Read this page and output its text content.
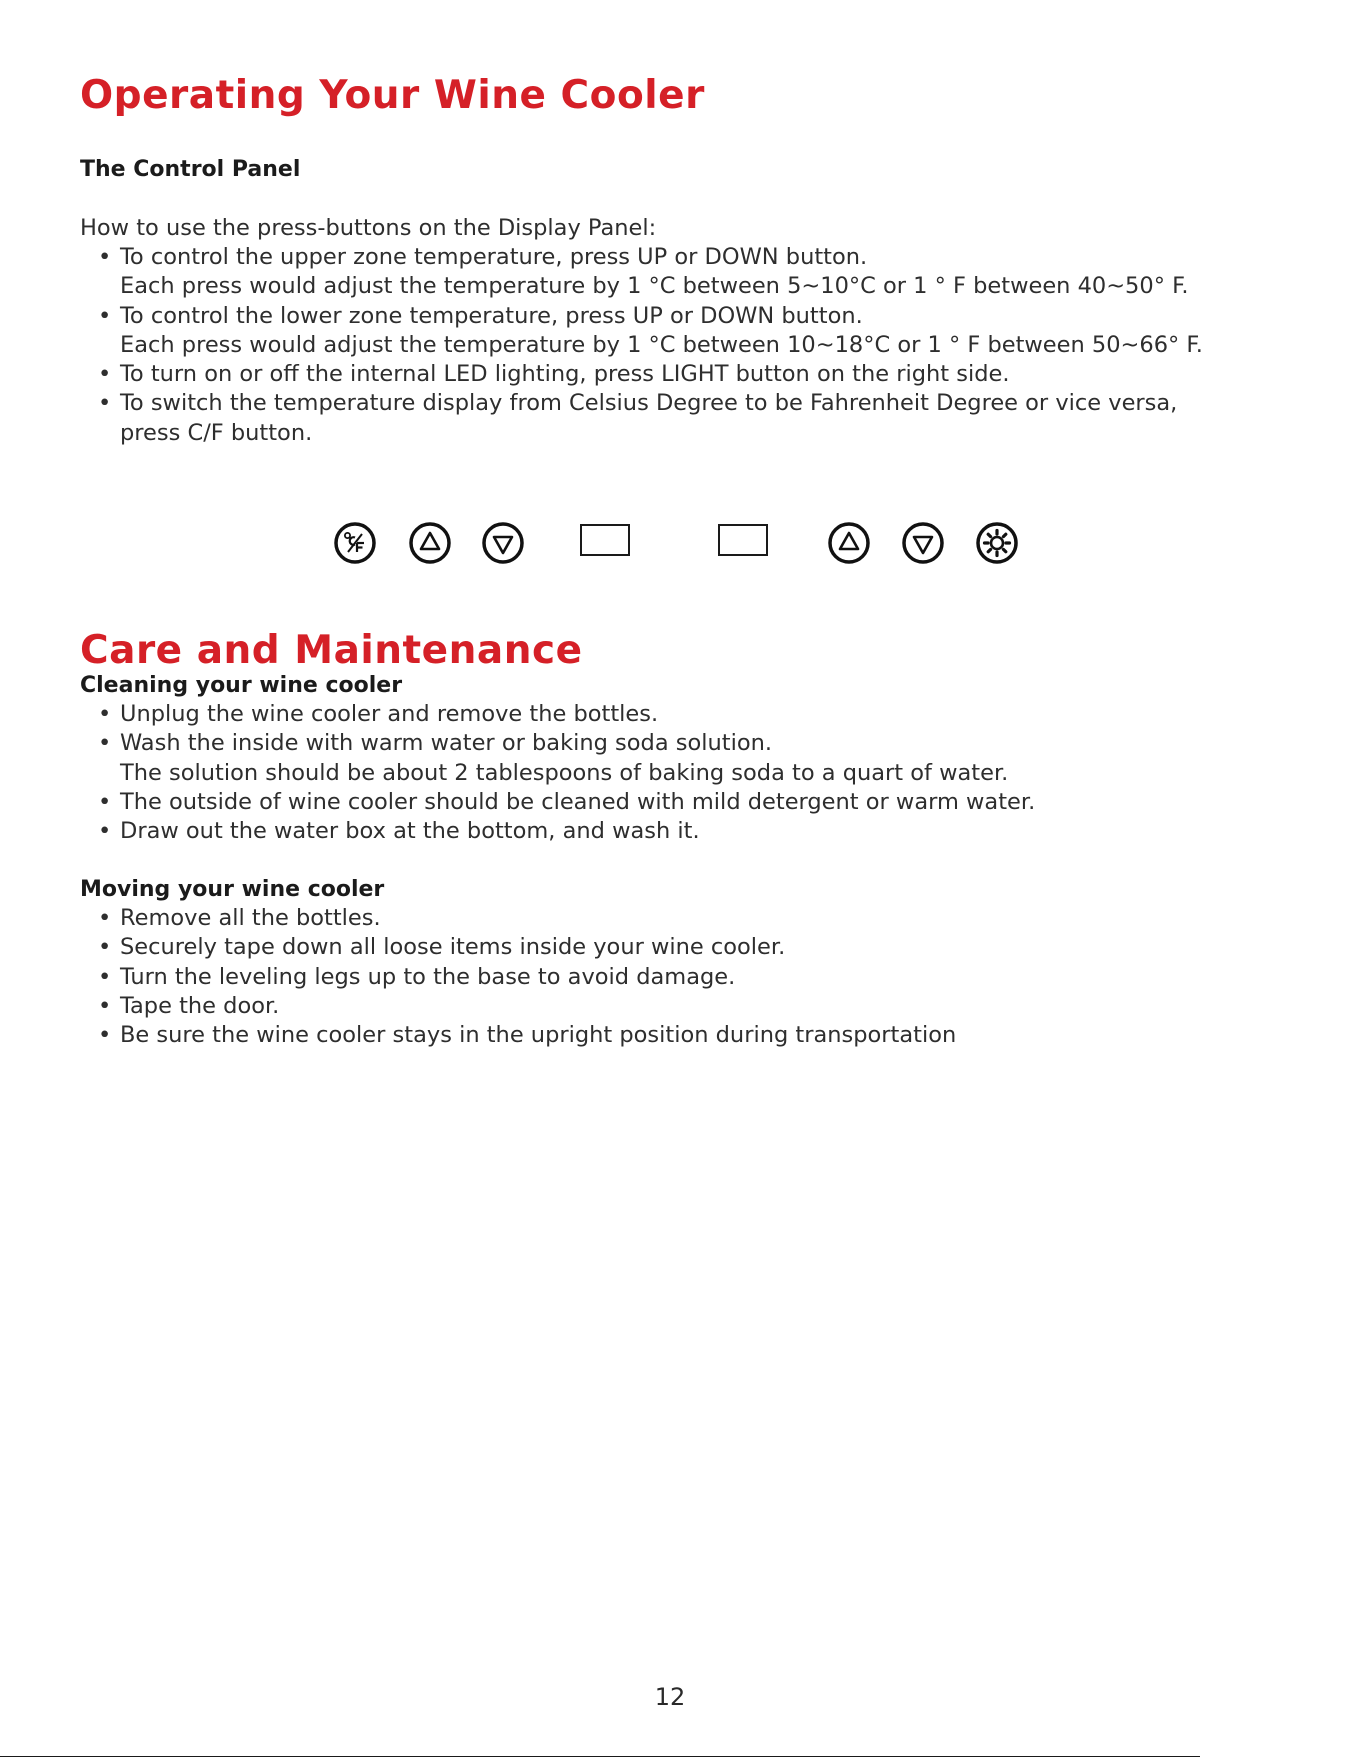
Operating Your Wine Cooler
The Control Panel

How to use the press-buttons on the Display Panel:

• To control the upper zone temperature, press UP or DOWN button.
Each press would adjust the temperature by 1 °C between 5~10°C or 1 ° F between 40~50° F.
• To control the lower zone temperature, press UP or DOWN button.
Each press would adjust the temperature by 1 °C between 10~18°C or 1 ° F between 50~66° F.
• To turn on or off the internal LED lighting, press LIGHT button on the right side.
• To switch the temperature display from Celsius Degree to be Fahrenheit Degree or vice versa,
press C/F button.
Care and Maintenance
Cleaning your wine cooler
• Unplug the wine cooler and remove the bottles.
• Wash the inside with warm water or baking soda solution.
The solution should be about 2 tablespoons of baking soda to a quart of water.
• The outside of wine cooler should be cleaned with mild detergent or warm water.
• Draw out the water box at the bottom, and wash it.
Moving your wine cooler
• Remove all the bottles.
• Securely tape down all loose items inside your wine cooler.
• Turn the leveling legs up to the base to avoid damage.
• Tape the door.
• Be sure the wine cooler stays in the upright position during transportation
12
